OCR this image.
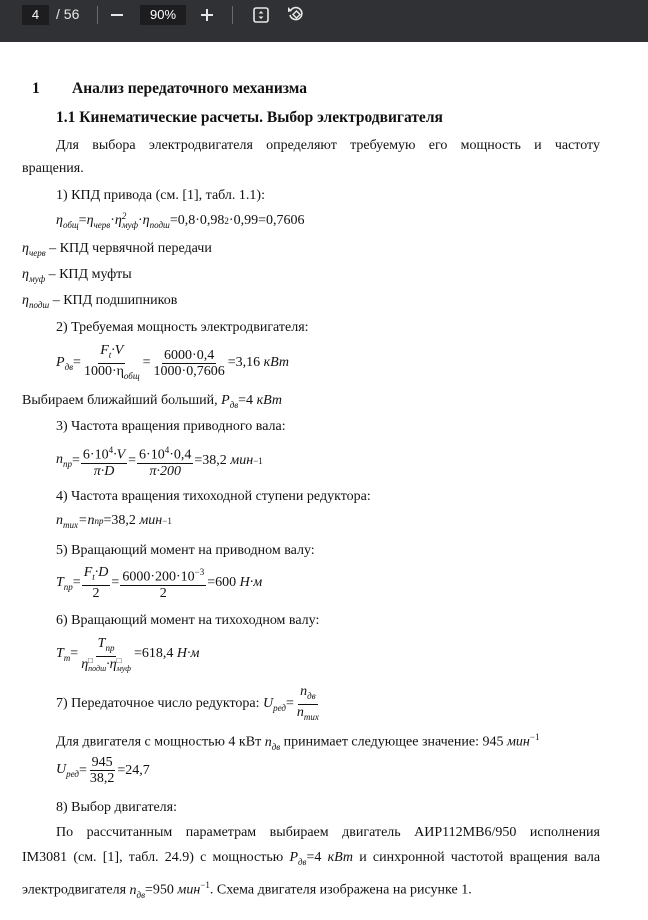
4	/ 56	90%
1 Анализ передаточного механизма
1.1 Кинематические расчеты. Выбор электродвигателя
Для выбора электродвигателя определяют требуемую его мощность и частоту
вращения.
1) КПД привода (см. [1], табл. 1.1):
$\eta_{общ} = \eta_{черв} \cdot \eta$ 2
муф · $\eta_{подш} =0,8\cdot 0,98$ 2 ·0,99=0,7606
$\eta_{черв}$ – КПД червячной передачи
$\eta_{муф}$ – КПД муфты
$\eta_{подш}$ – КПД подшипников
2) Требуемая мощность электродвигателя:
$P_{дв} = \frac{F_t\cdot V}{1000\cdot\eta_{общ}} = \frac{6000\cdot 0,4}{1000\cdot 0,7606} =3,16$
кВт
Выбираем ближайший больший, $P_{дв}=4$ кВт
3) Частота вращения приводного вала:
$n_{пр} = \frac{6\cdot 10^4\cdot V}{\pi\cdot D} = \frac{6\cdot 10^4\cdot 0,4}{\pi\cdot 200} =38,2$
мин −1
4) Частота вращения тихоходной ступени редуктора:
$n_{тих} =n$ пр =38,2
мин −1
5) Вращающий момент на приводном валу:
$T_{пр} = \frac{F_t\cdot D}{2} = \frac{6000\cdot 200\cdot 10^{-3}}{2} =600$
H·м
6) Вращающий момент на тихоходном валу:
$T_т = T_{пр}$
η □
подш ·η □
муф =618,4
H·м
7) Передаточное число редуктора:
$U_{ред} = \frac{n_{дв}}{n_{тих}}$
Для двигателя с мощностью 4 кВт $n_{дв}$ принимает следующее значение: 945 мин$^{-1}$
$U_{ред} = \frac{945}{38,2} =24,7$
8) Выбор двигателя:
По рассчитанным параметрам выбираем двигатель АИР112МВ6/950 исполнения
IM3081 (см. [1], табл. 24.9) с мощностью $P_{дв}=4$ кВт и синхронной частотой вращения вала
электродвигателя $n_{дв}=950$ мин$^{-1}$. Схема двигателя изображена на рисунке 1.
